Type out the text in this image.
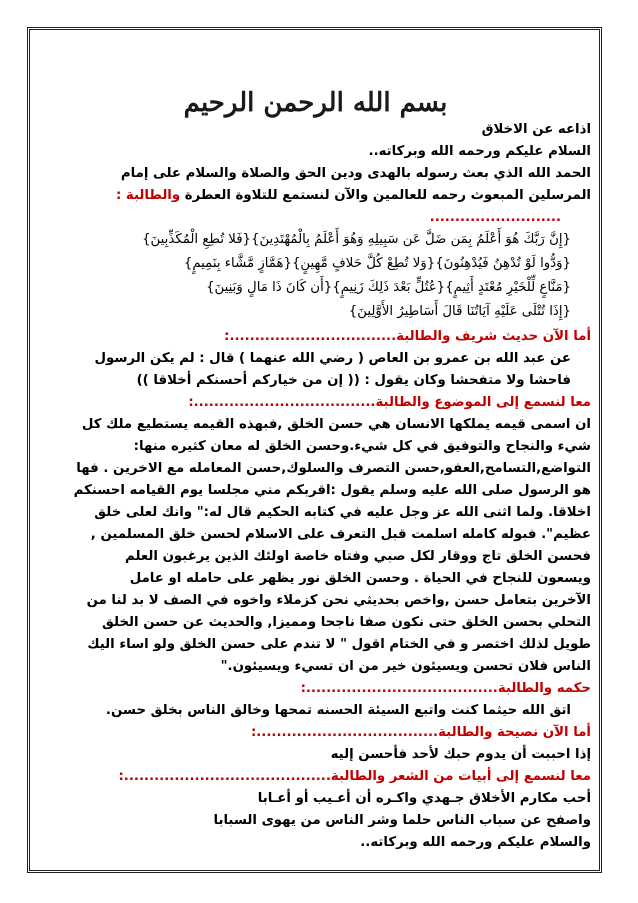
بسم الله الرحمن الرحيم
اذاعه عن الاخلاق
السلام عليكم ورحمه الله وبركاته..
الحمد الله الذي بعث رسوله بالهدى ودين الحق والصلاة والسلام على إمام
المرسلين المبعوث رحمه للعالمين والآن لنستمع للتلاوة العطرة والطالبة :
..........................
{إِنَّ رَبَّكَ هُوَ أَعْلَمُ بِمَن ضَلَّ عَن سَبِيلِهِ وَهُوَ أَعْلَمُ بِالْمُهْتَدِينَ}{فَلا تُطِعِ الْمُكَذِّبِينَ}
{وَدُّوا لَوْ تُدْهِنُ فَيُدْهِنُونَ}{وَلا تُطِعْ كُلَّ حَلافٍ مَّهِينٍ}{هَمَّازٍ مَّشَّاء بِنَمِيمٍ}
{مَنَّاعٍ لِّلْخَيْرِ مُعْتَدٍ أَثِيمٍ}{عُتُلٍّ بَعْدَ ذَلِكَ زَنِيمٍ}{أَن كَانَ ذَا مَالٍ وَبَنِينَ}
{إِذَا تُتْلَى عَلَيْهِ آيَاتُنَا قَالَ أَسَاطِيرُ الأَوَّلِينَ}
أما الآن حديث شريف والطالبة.................................:
عن عبد الله بن عمرو بن العاص ( رضي الله عنهما ) قال : لم يكن الرسول
فاحشا ولا متفحشا وكان يقول : (( إن من خيارکم أحسنكم أخلاقا ))
معا لنسمع إلى الموضوع والطالبة....................................:
ان اسمى قيمه يملكها الانسان هي حسن الخلق ,فبهذه القيمه يستطيع ملك كل
شيء والنجاح والتوفيق في كل شيء.وحسن الخلق له معان كثيره منها:
التواضع,التسامح,العفو,حسن التصرف والسلوك,حسن المعامله مع الاخرين . فها
هو الرسول صلى الله عليه وسلم يقول :اقربكم مني مجلسا يوم القيامه احسنكم
اخلاقا. ولما اثنى الله عز وجل عليه في كتابه الحكيم قال له:" وانك لعلى خلق
عظيم". فبوله كامله اسلمت قبل التعرف على الاسلام لحسن خلق المسلمين ,
فحسن الخلق تاج ووقار لكل صبي وفتاه خاصة اولئك الذين يرغبون العلم
ويسعون للنجاح في الحياة . وحسن الخلق نور يظهر على حامله او عامل
الآخرين بتعامل حسن ,واخص بحديثي نحن كزملاء واخوه في الصف لا بد لنا من
التحلي بحسن الخلق حتى نكون صفا ناجحا ومميزا, والحديث عن حسن الخلق
طويل لذلك اختصر و في الختام اقول " لا تندم على حسن الخلق ولو اساء اليك
الناس فلان تحسن ويسيئون خير من ان تسيء ويسيئون."
حكمه والطالبة......................................:
اتق الله حيثما كنت واتبع السيئة الحسنه تمحها وخالق الناس بخلق حسن.
أما الآن نصيحة والطالبة....................................:
إذا احببت أن يدوم حبك لأحد فأحسن إليه
معا لنسمع إلى أبيات من الشعر والطالبة.........................................:
أحب مكارم الأخلاق جـهدي واكـره أن أعـيب أو أعـابا
واصفح عن سباب الناس حلما وشر الناس من يهوى السبابا
والسلام عليكم ورحمه الله وبركاته..
